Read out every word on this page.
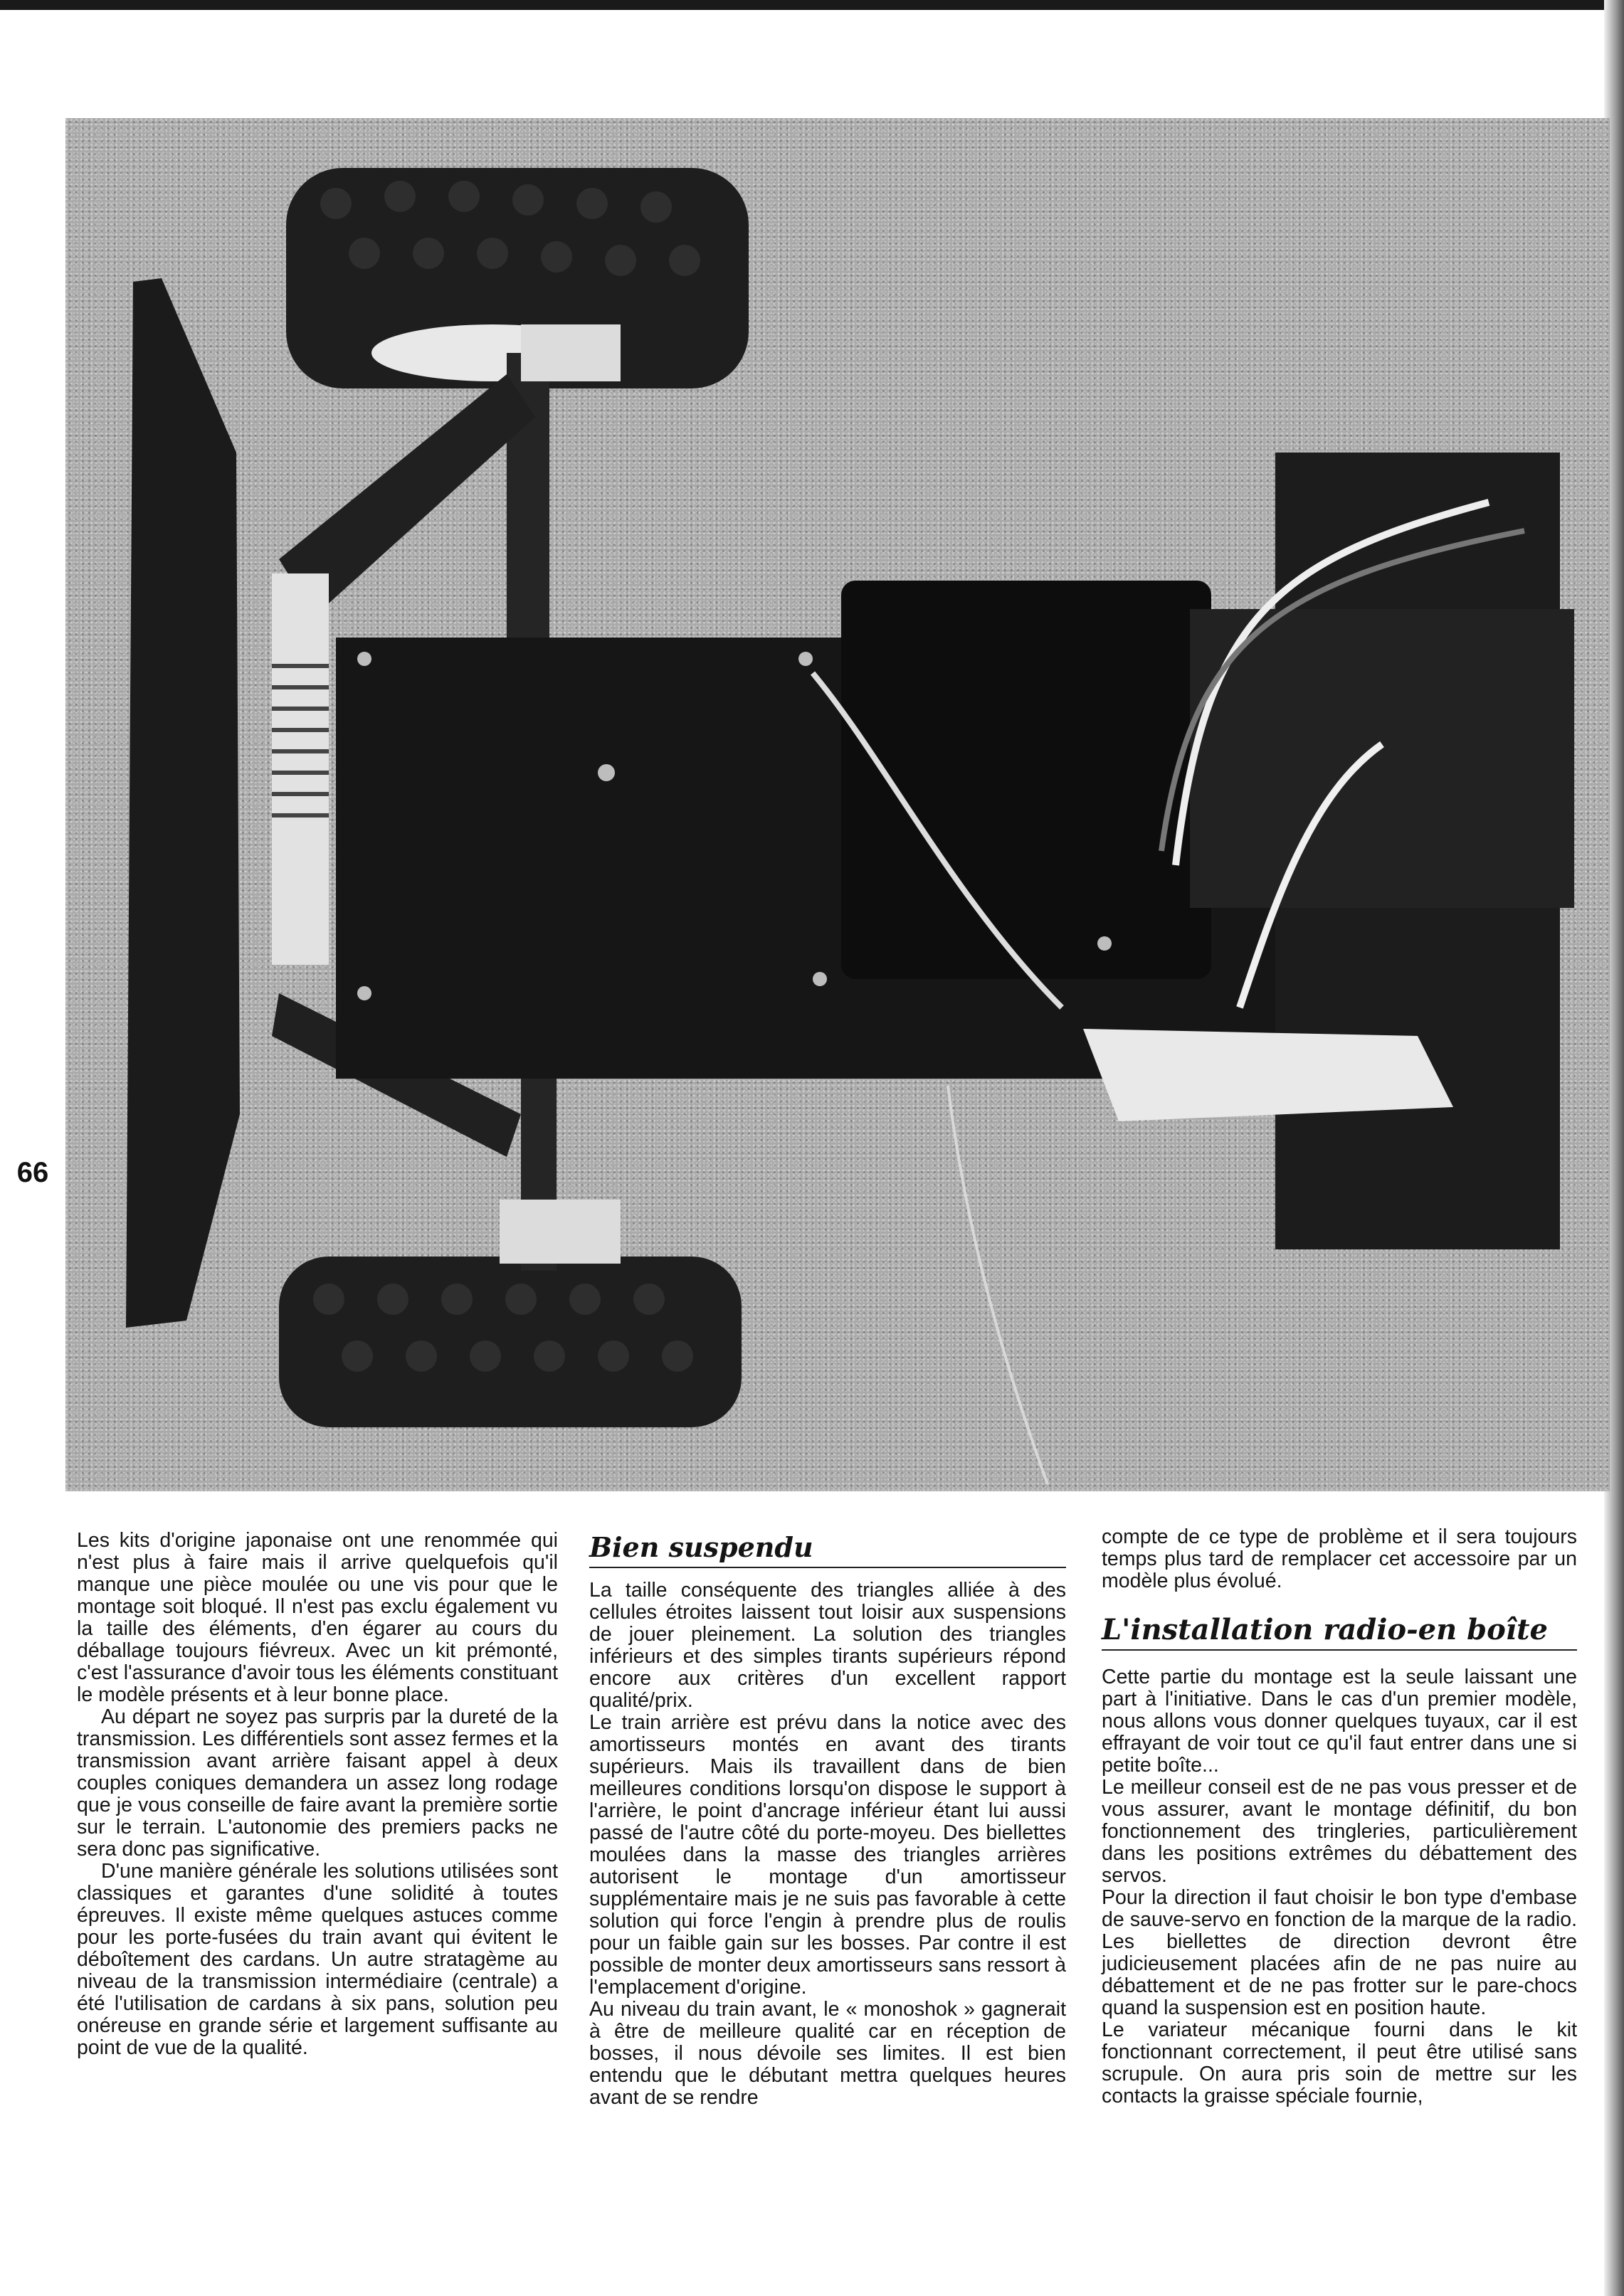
66

Les kits d'origine japonaise ont une renommée qui n'est plus à faire mais il arrive quelquefois qu'il manque une pièce moulée ou une vis pour que le montage soit bloqué. Il n'est pas exclu également vu la taille des éléments, d'en égarer au cours du déballage toujours fiévreux. Avec un kit prémonté, c'est l'assurance d'avoir tous les éléments constituant le modèle présents et à leur bonne place.

Au départ ne soyez pas surpris par la dureté de la transmission. Les différentiels sont assez fermes et la transmission avant arrière faisant appel à deux couples coniques demandera un assez long rodage que je vous conseille de faire avant la première sortie sur le terrain. L'autonomie des premiers packs ne sera donc pas significative.

D'une manière générale les solutions utilisées sont classiques et garantes d'une solidité à toutes épreuves. Il existe même quelques astuces comme pour les porte-fusées du train avant qui évitent le déboîtement des cardans. Un autre stratagème au niveau de la transmission intermédiaire (centrale) a été l'utilisation de cardans à six pans, solution peu onéreuse en grande série et largement suffisante au point de vue de la qualité.

Bien suspendu

La taille conséquente des triangles alliée à des cellules étroites laissent tout loisir aux suspensions de jouer pleinement. La solution des triangles inférieurs et des simples tirants supérieurs répond encore aux critères d'un excellent rapport qualité/prix.

Le train arrière est prévu dans la notice avec des amortisseurs montés en avant des tirants supérieurs. Mais ils travaillent dans de bien meilleures conditions lorsqu'on dispose le support à l'arrière, le point d'ancrage inférieur étant lui aussi passé de l'autre côté du porte-moyeu. Des biellettes moulées dans la masse des triangles arrières autorisent le montage d'un amortisseur supplémentaire mais je ne suis pas favorable à cette solution qui force l'engin à prendre plus de roulis pour un faible gain sur les bosses. Par contre il est possible de monter deux amortisseurs sans ressort à l'emplacement d'origine.

Au niveau du train avant, le « monoshok » gagnerait à être de meilleure qualité car en réception de bosses, il nous dévoile ses limites. Il est bien entendu que le débutant mettra quelques heures avant de se rendre

compte de ce type de problème et il sera toujours temps plus tard de remplacer cet accessoire par un modèle plus évolué.

L'installation radio-en boîte

Cette partie du montage est la seule laissant une part à l'initiative. Dans le cas d'un premier modèle, nous allons vous donner quelques tuyaux, car il est effrayant de voir tout ce qu'il faut entrer dans une si petite boîte...

Le meilleur conseil est de ne pas vous presser et de vous assurer, avant le montage définitif, du bon fonctionnement des tringleries, particulièrement dans les positions extrêmes du débattement des servos.

Pour la direction il faut choisir le bon type d'embase de sauve-servo en fonction de la marque de la radio. Les biellettes de direction devront être judicieusement placées afin de ne pas nuire au débattement et de ne pas frotter sur le pare-chocs quand la suspension est en position haute.

Le variateur mécanique fourni dans le kit fonctionnant correctement, il peut être utilisé sans scrupule. On aura pris soin de mettre sur les contacts la graisse spéciale fournie,
